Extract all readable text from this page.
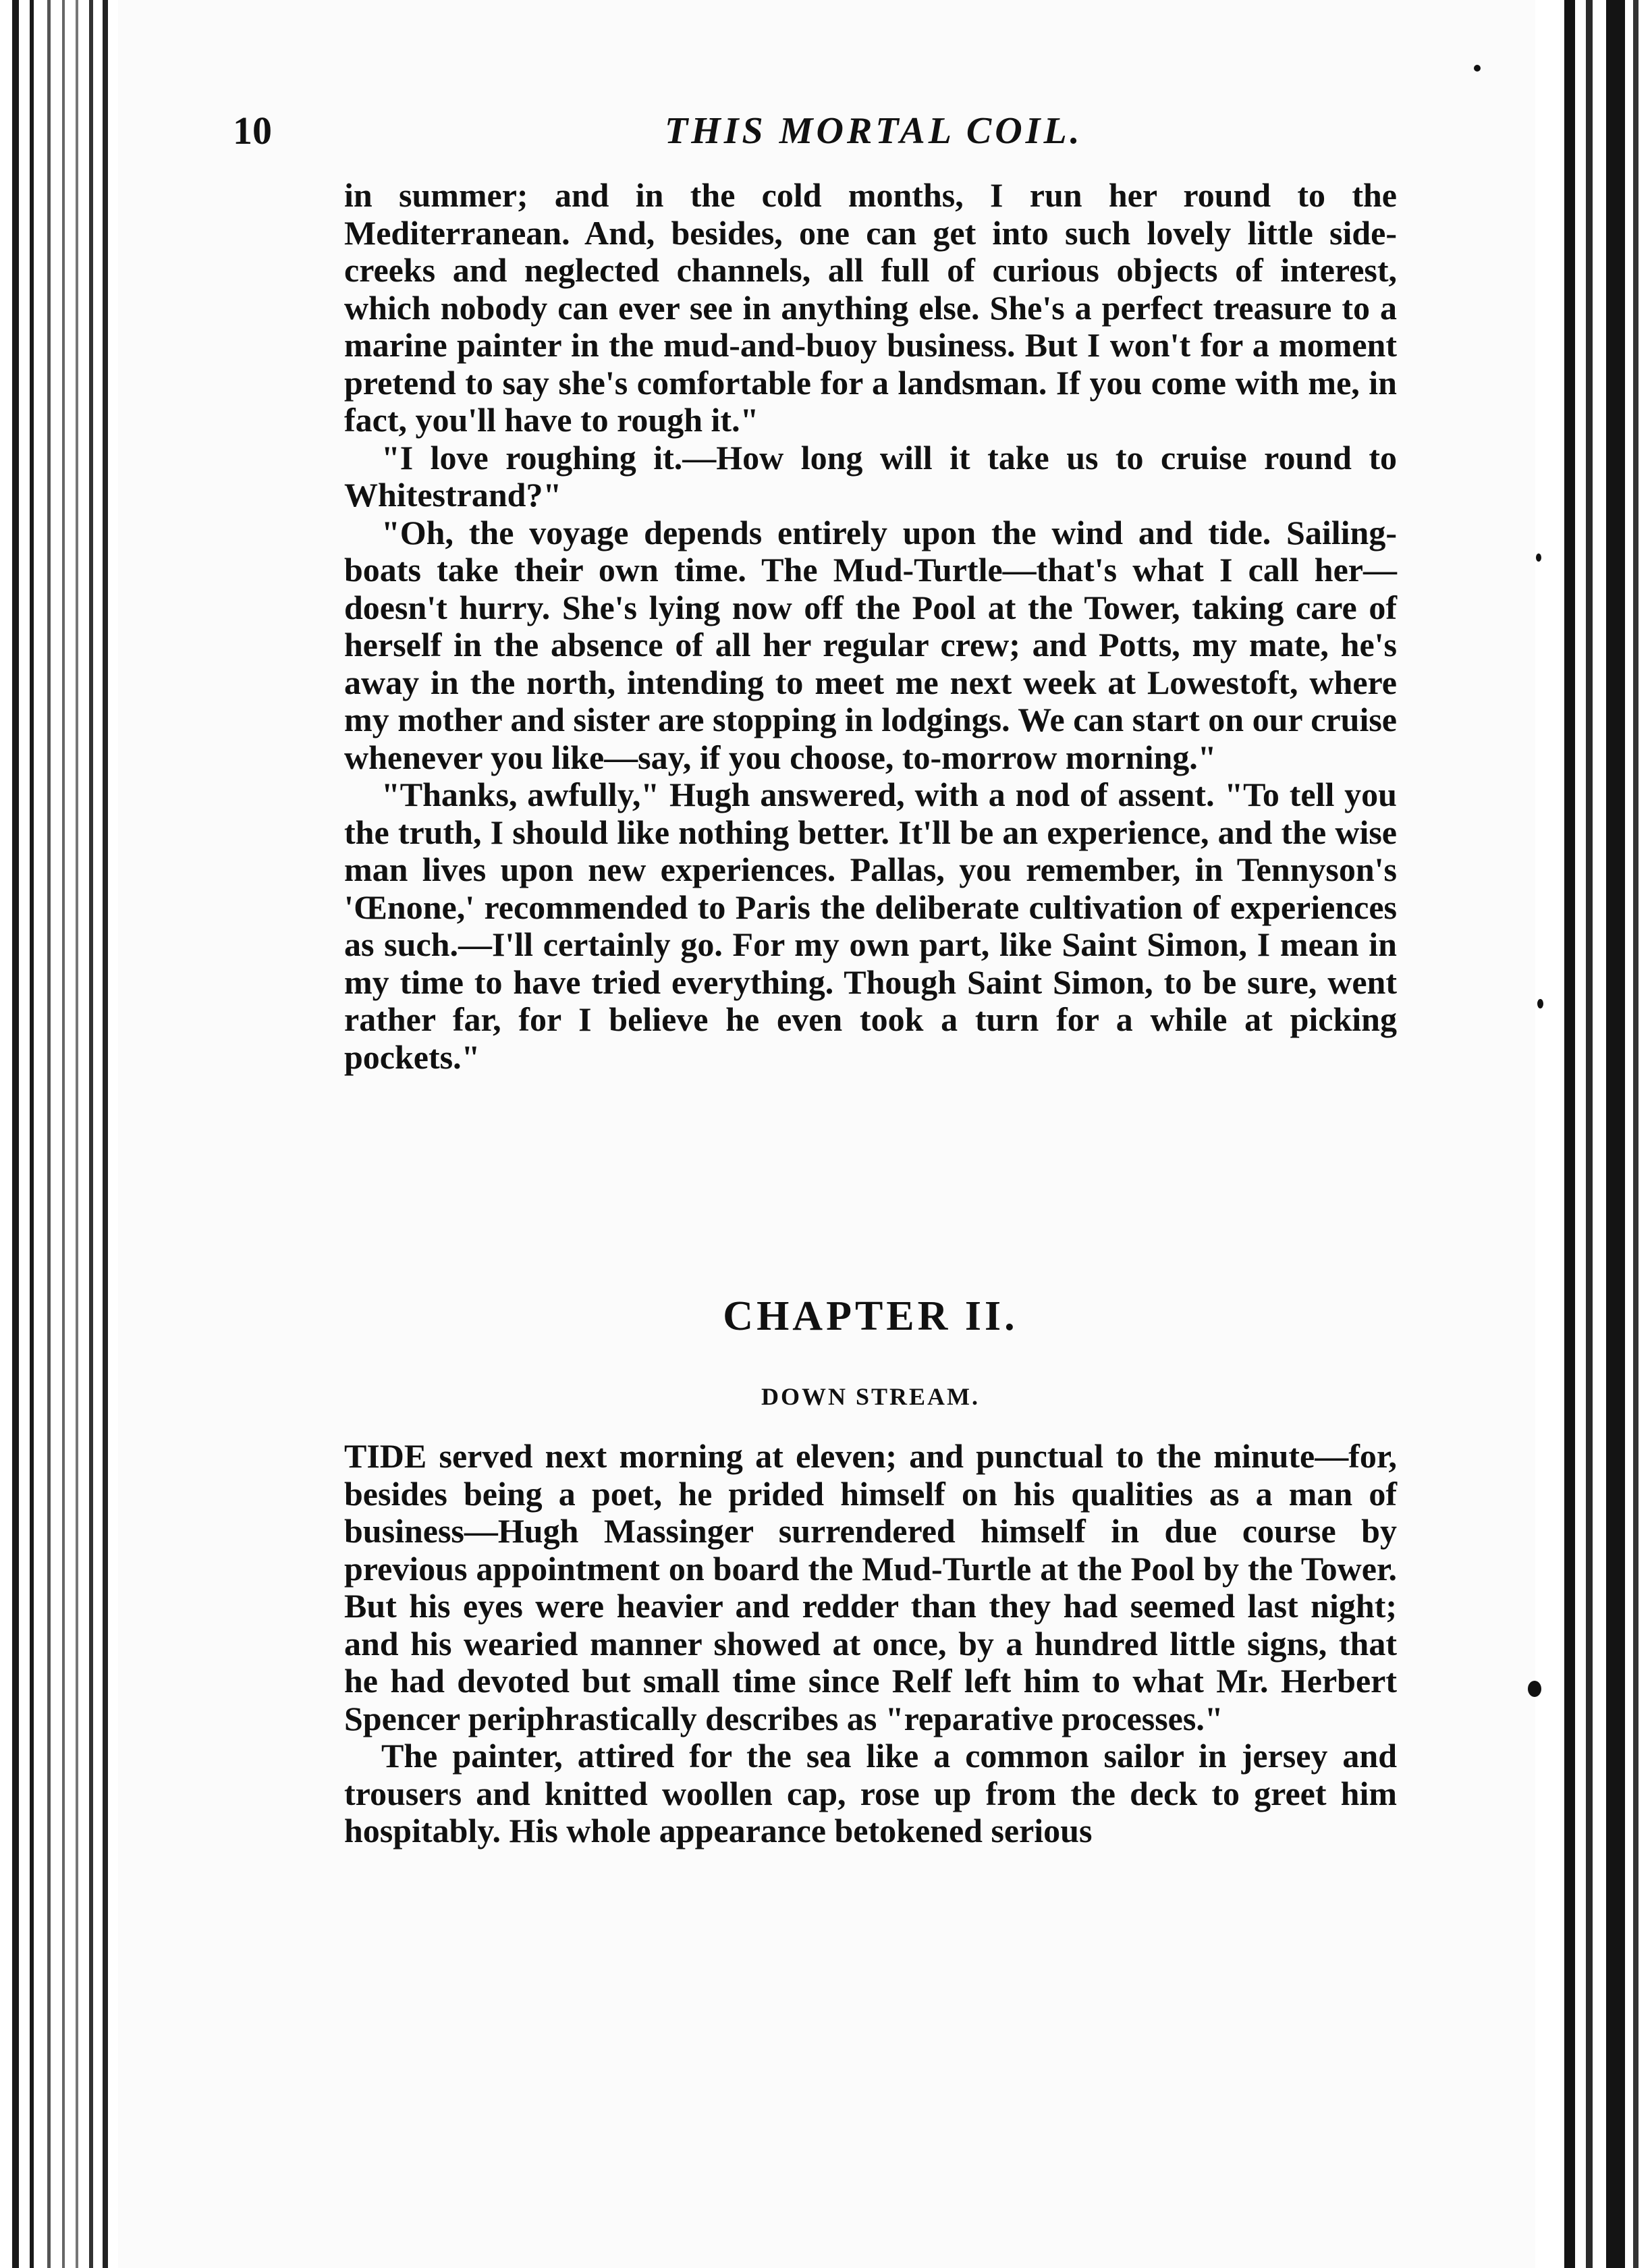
10	THIS MORTAL COIL.

in summer; and in the cold months, I run her round to the Mediterranean. And, besides, one can get into such lovely little side-creeks and neglected channels, all full of curious objects of interest, which nobody can ever see in anything else. She's a perfect treasure to a marine painter in the mud-and-buoy business. But I won't for a moment pretend to say she's comfortable for a landsman. If you come with me, in fact, you'll have to rough it."

"I love roughing it.—How long will it take us to cruise round to Whitestrand?"

"Oh, the voyage depends entirely upon the wind and tide. Sailing-boats take their own time. The Mud-Turtle—that's what I call her—doesn't hurry. She's lying now off the Pool at the Tower, taking care of herself in the absence of all her regular crew; and Potts, my mate, he's away in the north, intending to meet me next week at Lowestoft, where my mother and sister are stopping in lodgings. We can start on our cruise whenever you like—say, if you choose, to-morrow morning."

"Thanks, awfully," Hugh answered, with a nod of assent. "To tell you the truth, I should like nothing better. It'll be an experience, and the wise man lives upon new experiences. Pallas, you remember, in Tennyson's 'Œnone,' recommended to Paris the deliberate cultivation of experiences as such.—I'll certainly go. For my own part, like Saint Simon, I mean in my time to have tried everything. Though Saint Simon, to be sure, went rather far, for I believe he even took a turn for a while at picking pockets."

CHAPTER II.
DOWN STREAM.

TIDE served next morning at eleven; and punctual to the minute—for, besides being a poet, he prided himself on his qualities as a man of business—Hugh Massinger surrendered himself in due course by previous appointment on board the Mud-Turtle at the Pool by the Tower. But his eyes were heavier and redder than they had seemed last night; and his wearied manner showed at once, by a hundred little signs, that he had devoted but small time since Relf left him to what Mr. Herbert Spencer periphrastically describes as "reparative processes."

The painter, attired for the sea like a common sailor in jersey and trousers and knitted woollen cap, rose up from the deck to greet him hospitably. His whole appearance betokened serious
